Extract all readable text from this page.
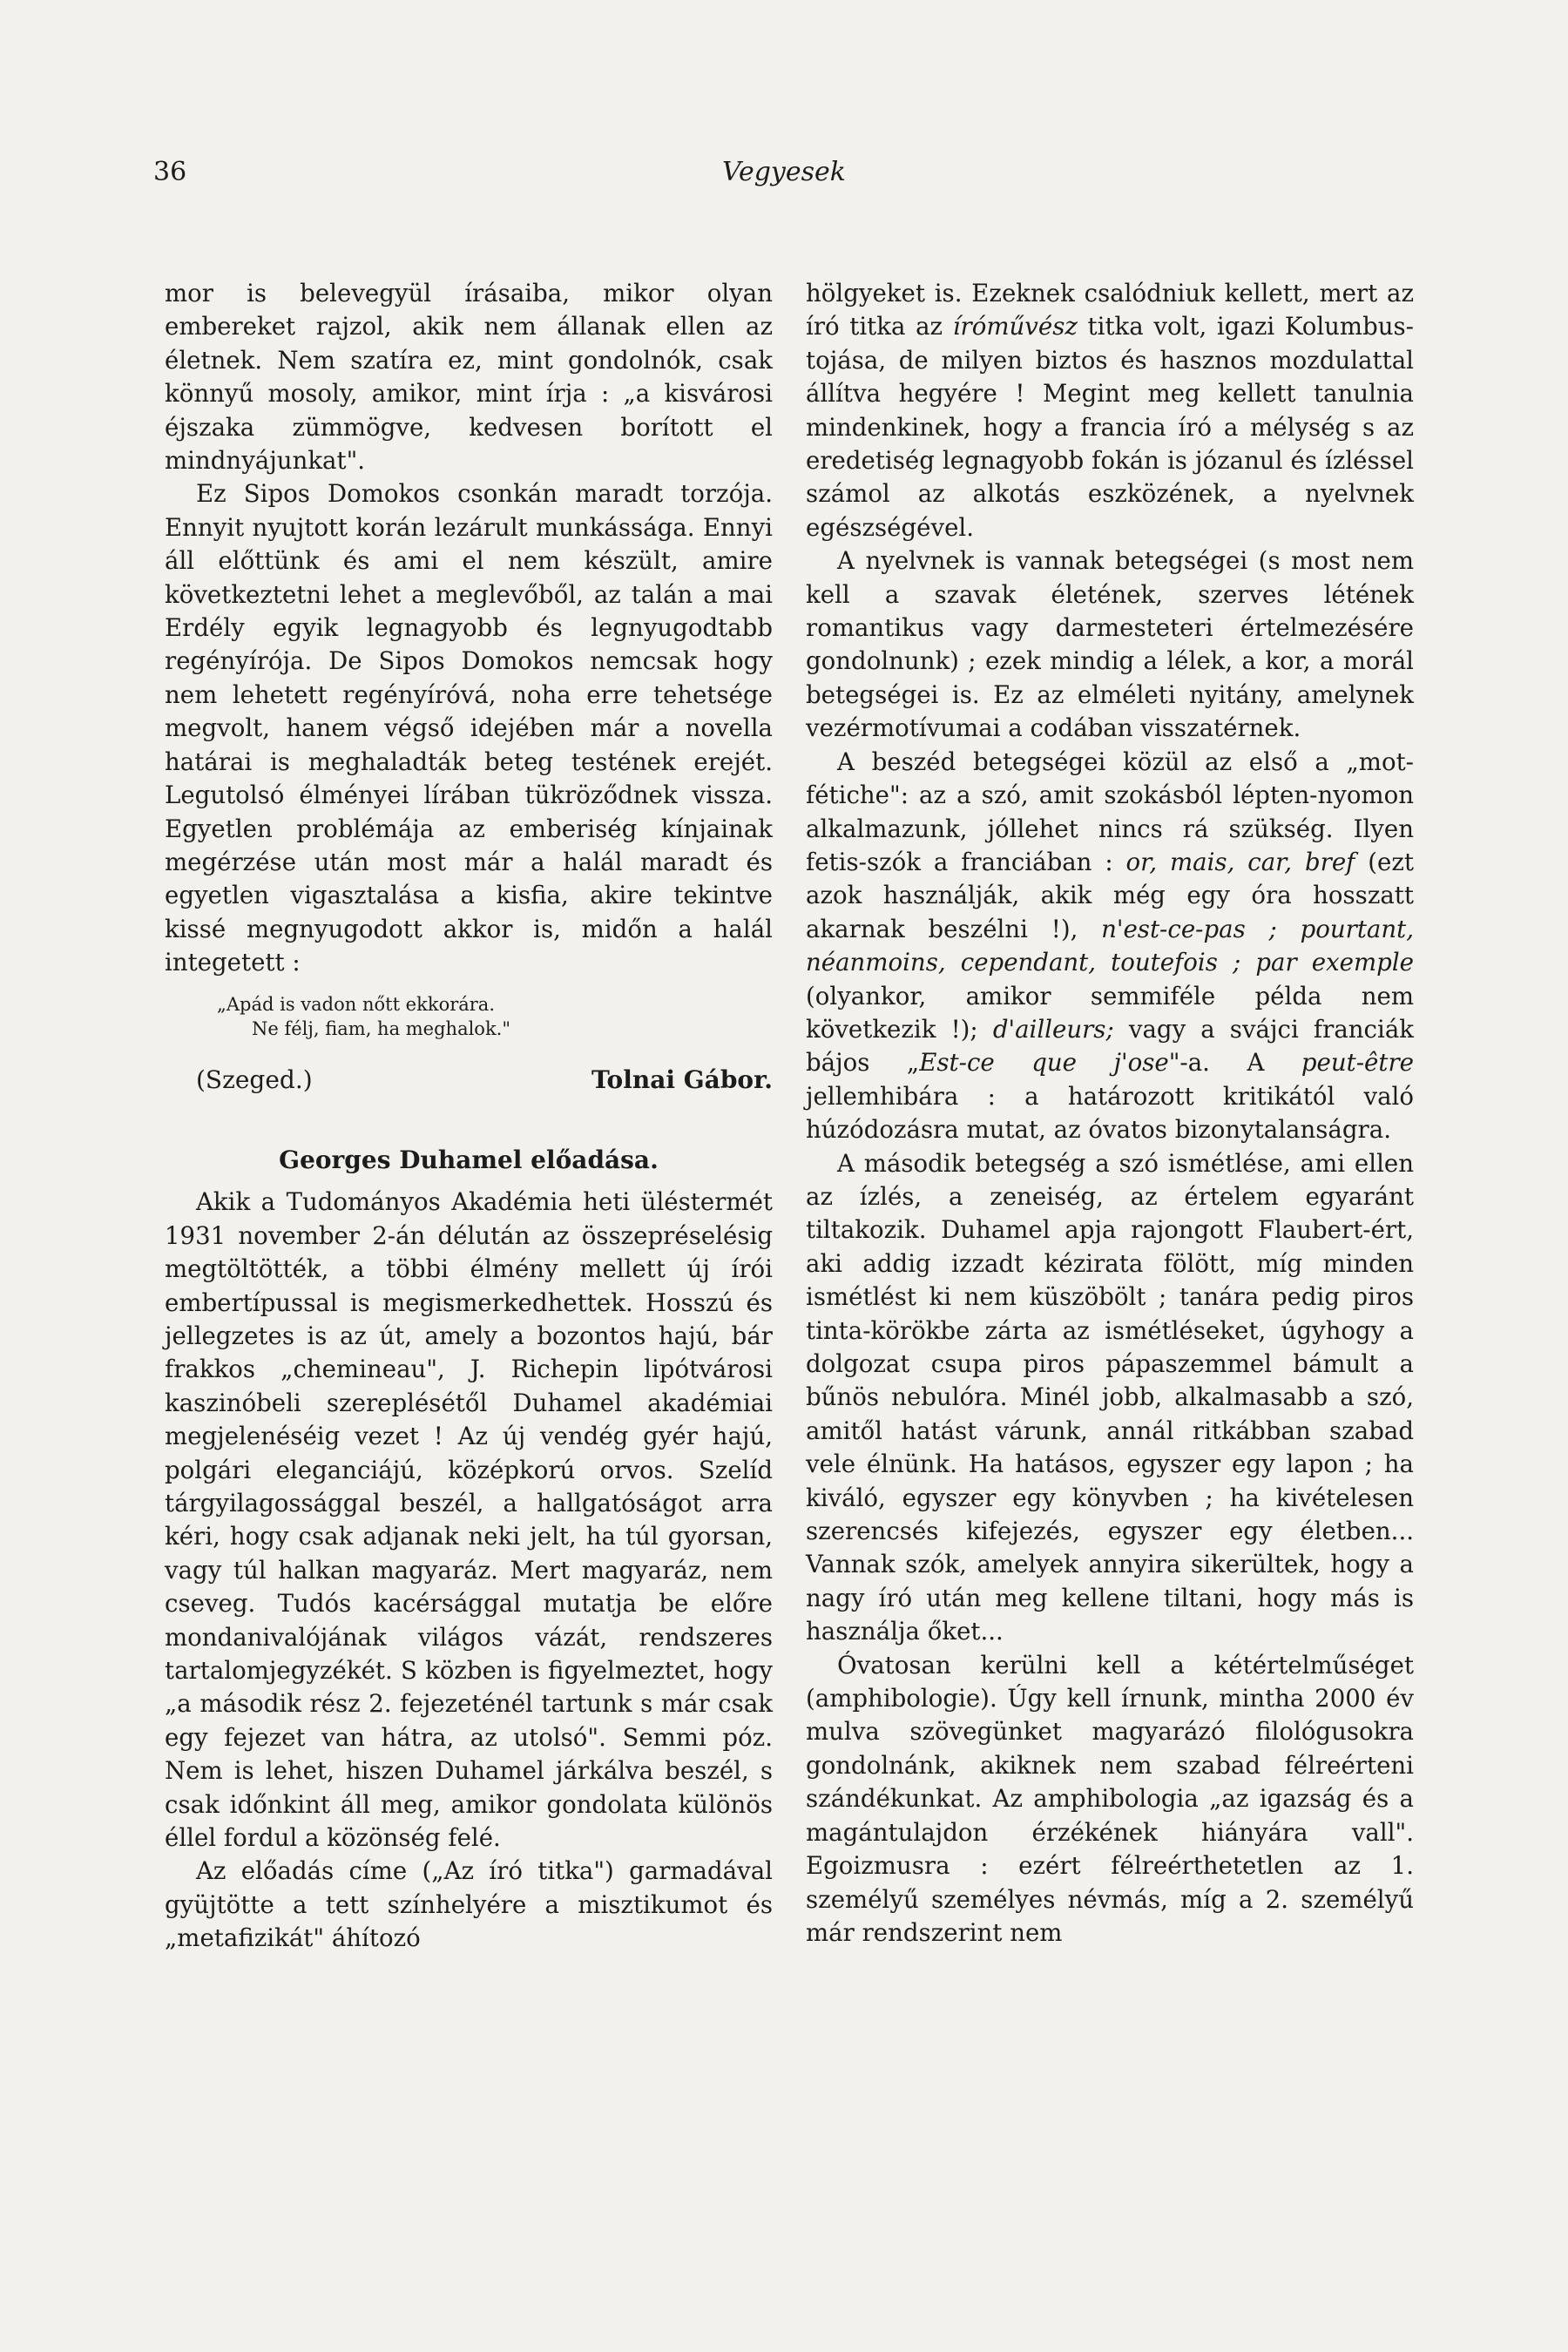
36	Vegyesek

mor is belevegyül írásaiba, mikor olyan embereket rajzol, akik nem állanak ellen az életnek. Nem szatíra ez, mint gondolnók, csak könnyű mosoly, amikor, mint írja : „a kisvárosi éjszaka zümmögve, kedvesen borított el mindnyájunkat".

Ez Sipos Domokos csonkán maradt torzója. Ennyit nyujtott korán lezárult munkássága. Ennyi áll előttünk és ami el nem készült, amire következtetni lehet a meglevőből, az talán a mai Erdély egyik legnagyobb és legnyugodtabb regényírója. De Sipos Domokos nemcsak hogy nem lehetett regényíróvá, noha erre tehetsége megvolt, hanem végső idejében már a novella határai is meghaladták beteg testének erejét. Legutolsó élményei lírában tükröződnek vissza. Egyetlen problémája az emberiség kínjainak megérzése után most már a halál maradt és egyetlen vigasztalása a kisfia, akire tekintve kissé megnyugodott akkor is, midőn a halál integetett :

„Apád is vadon nőtt ekkorára.
Ne félj, fiam, ha meghalok."
(Szeged.)	Tolnai Gábor.
Georges Duhamel előadása.

Akik a Tudományos Akadémia heti üléstermét 1931 november 2-án délután az összepréselésig megtöltötték, a többi élmény mellett új írói embertípussal is megismerkedhettek. Hosszú és jellegzetes is az út, amely a bozontos hajú, bár frakkos „chemineau", J. Richepin lipótvárosi kaszinóbeli szereplésétől Duhamel akadémiai megjelenéséig vezet ! Az új vendég gyér hajú, polgári eleganciájú, középkorú orvos. Szelíd tárgyilagossággal beszél, a hallgatóságot arra kéri, hogy csak adjanak neki jelt, ha túl gyorsan, vagy túl halkan magyaráz. Mert magyaráz, nem cseveg. Tudós kacérsággal mutatja be előre mondanivalójának világos vázát, rendszeres tartalomjegyzékét. S közben is figyelmeztet, hogy „a második rész 2. fejezeténél tartunk s már csak egy fejezet van hátra, az utolsó". Semmi póz. Nem is lehet, hiszen Duhamel járkálva beszél, s csak időnkint áll meg, amikor gondolata különös éllel fordul a közönség felé.

Az előadás címe („Az író titka") garmadával gyüjtötte a tett színhelyére a misztikumot és „metafizikát" áhítozó

hölgyeket is. Ezeknek csalódniuk kellett, mert az író titka az íróművész titka volt, igazi Kolumbus-tojása, de milyen biztos és hasznos mozdulattal állítva hegyére ! Megint meg kellett tanulnia mindenkinek, hogy a francia író a mélység s az eredetiség legnagyobb fokán is józanul és ízléssel számol az alkotás eszközének, a nyelvnek egészségével.

A nyelvnek is vannak betegségei (s most nem kell a szavak életének, szerves létének romantikus vagy darmesteteri értelmezésére gondolnunk) ; ezek mindig a lélek, a kor, a morál betegségei is. Ez az elméleti nyitány, amelynek vezérmotívumai a codában visszatérnek.

A beszéd betegségei közül az első a „mot-fétiche": az a szó, amit szokásból lépten-nyomon alkalmazunk, jóllehet nincs rá szükség. Ilyen fetis-szók a franciában : or, mais, car, bref (ezt azok használják, akik még egy óra hosszatt akarnak beszélni !), n'est-ce-pas ; pourtant, néanmoins, cependant, toutefois ; par exemple (olyankor, amikor semmiféle példa nem következik !); d'ailleurs; vagy a svájci franciák bájos „Est-ce que j'ose"-a. A peut-être jellemhibára : a határozott kritikától való húzódozásra mutat, az óvatos bizonytalanságra.

A második betegség a szó ismétlése, ami ellen az ízlés, a zeneiség, az értelem egyaránt tiltakozik. Duhamel apja rajongott Flaubert-ért, aki addig izzadt kézirata fölött, míg minden ismétlést ki nem küszöbölt ; tanára pedig piros tinta-körökbe zárta az ismétléseket, úgyhogy a dolgozat csupa piros pápaszemmel bámult a bűnös nebulóra. Minél jobb, alkalmasabb a szó, amitől hatást várunk, annál ritkábban szabad vele élnünk. Ha hatásos, egyszer egy lapon ; ha kiváló, egyszer egy könyvben ; ha kivételesen szerencsés kifejezés, egyszer egy életben... Vannak szók, amelyek annyira sikerültek, hogy a nagy író után meg kellene tiltani, hogy más is használja őket...

Óvatosan kerülni kell a kétértelműséget (amphibologie). Úgy kell írnunk, mintha 2000 év mulva szövegünket magyarázó filológusokra gondolnánk, akiknek nem szabad félreérteni szándékunkat. Az amphibologia „az igazság és a magántulajdon érzékének hiányára vall". Egoizmusra : ezért félreérthetetlen az 1. személyű személyes névmás, míg a 2. személyű már rendszerint nem
